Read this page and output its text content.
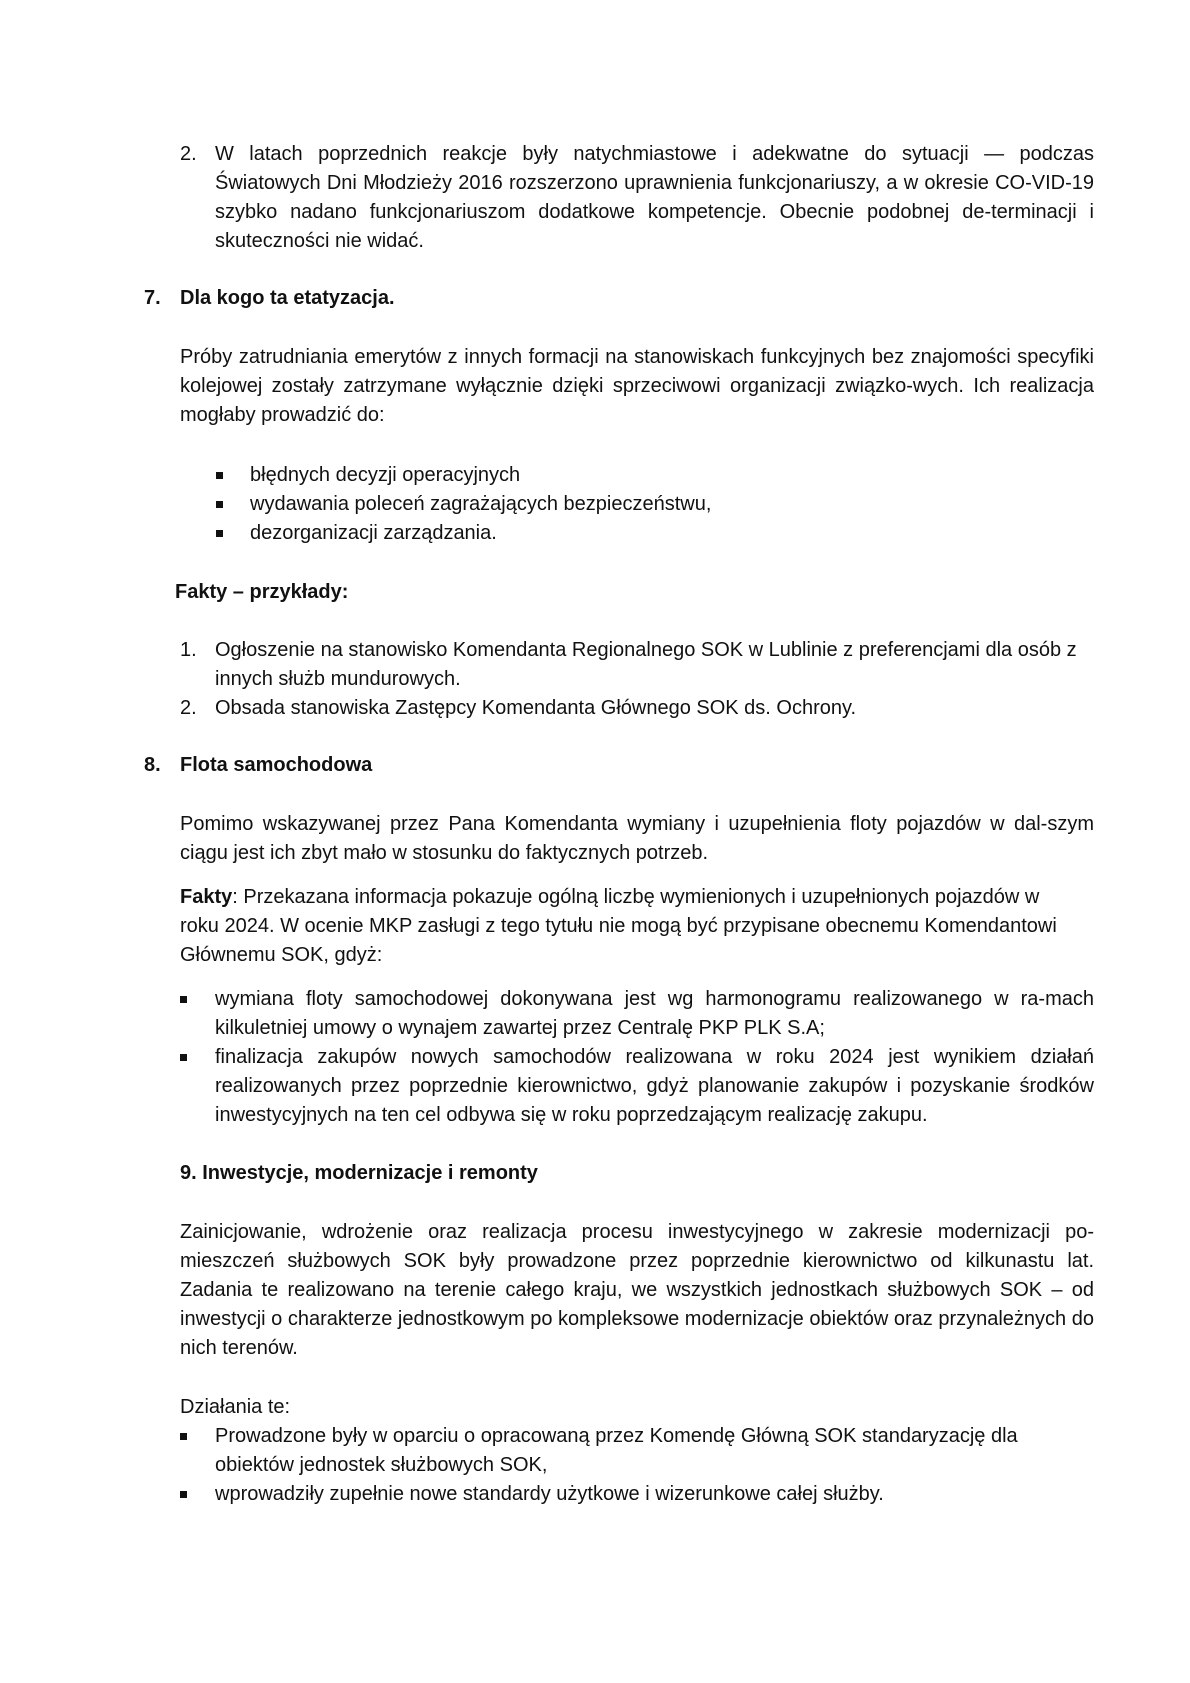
2. W latach poprzednich reakcje były natychmiastowe i adekwatne do sytuacji — podczas Światowych Dni Młodzieży 2016 rozszerzono uprawnienia funkcjonariuszy, a w okresie CO-VID-19 szybko nadano funkcjonariuszom dodatkowe kompetencje. Obecnie podobnej de-terminacji i skuteczności nie widać.

7. Dla kogo ta etatyzacja.

Próby zatrudniania emerytów z innych formacji na stanowiskach funkcyjnych bez znajomości specyfiki kolejowej zostały zatrzymane wyłącznie dzięki sprzeciwowi organizacji związko-wych. Ich realizacja mogłaby prowadzić do:

błędnych decyzji operacyjnych
wydawania poleceń zagrażających bezpieczeństwu,
dezorganizacji zarządzania.
Fakty – przykłady:
1. Ogłoszenie na stanowisko Komendanta Regionalnego SOK w Lublinie z preferencjami dla osób z innych służb mundurowych.

2. Obsada stanowiska Zastępcy Komendanta Głównego SOK ds. Ochrony.

8. Flota samochodowa

Pomimo wskazywanej przez Pana Komendanta wymiany i uzupełnienia floty pojazdów w dal-szym ciągu jest ich zbyt mało w stosunku do faktycznych potrzeb.

Fakty: Przekazana informacja pokazuje ogólną liczbę wymienionych i uzupełnionych pojazdów w roku 2024. W ocenie MKP zasługi z tego tytułu nie mogą być przypisane obecnemu Komendantowi Głównemu SOK, gdyż:

wymiana floty samochodowej dokonywana jest wg harmonogramu realizowanego w ra-mach kilkuletniej umowy o wynajem zawartej przez Centralę PKP PLK S.A;

finalizacja zakupów nowych samochodów realizowana w roku 2024 jest wynikiem działań realizowanych przez poprzednie kierownictwo, gdyż planowanie zakupów i pozyskanie środków inwestycyjnych na ten cel odbywa się w roku poprzedzającym realizację zakupu.

9. Inwestycje, modernizacje i remonty

Zainicjowanie, wdrożenie oraz realizacja procesu inwestycyjnego w zakresie modernizacji po-mieszczeń służbowych SOK były prowadzone przez poprzednie kierownictwo od kilkunastu lat. Zadania te realizowano na terenie całego kraju, we wszystkich jednostkach służbowych SOK – od inwestycji o charakterze jednostkowym po kompleksowe modernizacje obiektów oraz przynależnych do nich terenów.

Działania te:

Prowadzone były w oparciu o opracowaną przez Komendę Główną SOK standaryzację dla obiektów jednostek służbowych SOK,

wprowadziły zupełnie nowe standardy użytkowe i wizerunkowe całej służby.
